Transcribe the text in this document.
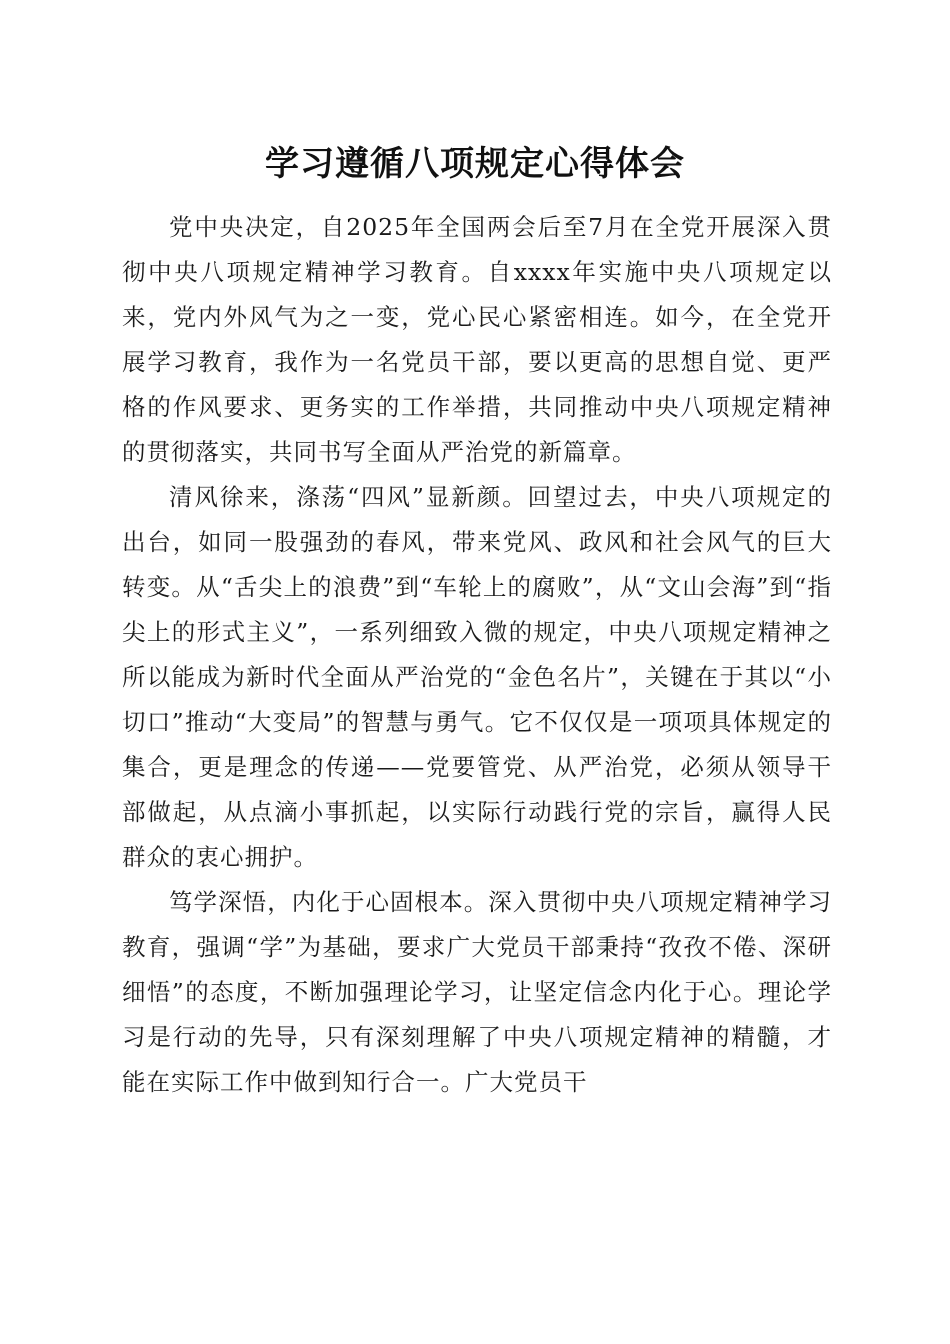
学习遵循八项规定心得体会

党中央决定，自2025年全国两会后至7月在全党开展深入贯彻中央八项规定精神学习教育。自xxxx年实施中央八项规定以来，党内外风气为之一变，党心民心紧密相连。如今，在全党开展学习教育，我作为一名党员干部，要以更高的思想自觉、更严格的作风要求、更务实的工作举措，共同推动中央八项规定精神的贯彻落实，共同书写全面从严治党的新篇章。

清风徐来，涤荡“四风”显新颜。回望过去，中央八项规定的出台，如同一股强劲的春风，带来党风、政风和社会风气的巨大转变。从“舌尖上的浪费”到“车轮上的腐败”，从“文山会海”到“指尖上的形式主义”，一系列细致入微的规定，中央八项规定精神之所以能成为新时代全面从严治党的“金色名片”，关键在于其以“小切口”推动“大变局”的智慧与勇气。它不仅仅是一项项具体规定的集合，更是理念的传递——党要管党、从严治党，必须从领导干部做起，从点滴小事抓起，以实际行动践行党的宗旨，赢得人民群众的衷心拥护。

笃学深悟，内化于心固根本。深入贯彻中央八项规定精神学习教育，强调“学”为基础，要求广大党员干部秉持“孜孜不倦、深研细悟”的态度，不断加强理论学习，让坚定信念内化于心。理论学习是行动的先导，只有深刻理解了中央八项规定精神的精髓，才能在实际工作中做到知行合一。广大党员干
